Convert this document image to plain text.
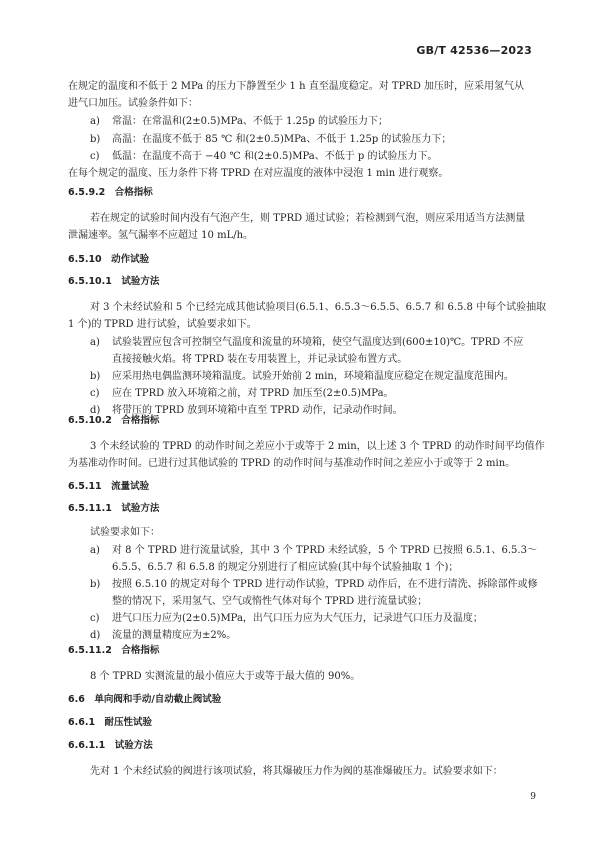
GB/T 42536—2023
在规定的温度和不低于 2 MPa 的压力下静置至少 1 h 直至温度稳定。对 TPRD 加压时，应采用氢气从
进气口加压。试验条件如下：
a) 常温：在常温和(2±0.5)MPa、不低于 1.25p 的试验压力下；
b) 高温：在温度不低于 85 ℃ 和(2±0.5)MPa、不低于 1.25p 的试验压力下；
c) 低温：在温度不高于 −40 ℃ 和(2±0.5)MPa、不低于 p 的试验压力下。
在每个规定的温度、压力条件下将 TPRD 在对应温度的液体中浸泡 1 min 进行观察。
6.5.9.2　合格指标
若在规定的试验时间内没有气泡产生，则 TPRD 通过试验；若检测到气泡，则应采用适当方法测量
泄漏速率。氢气漏率不应超过 10 mL/h。
6.5.10　动作试验
6.5.10.1　试验方法
对 3 个未经试验和 5 个已经完成其他试验项目(6.5.1、6.5.3～6.5.5、6.5.7 和 6.5.8 中每个试验抽取
1 个)的 TPRD 进行试验，试验要求如下。
a) 试验装置应包含可控制空气温度和流量的环境箱，使空气温度达到(600±10)℃。TPRD 不应
直接接触火焰。将 TPRD 装在专用装置上，并记录试验布置方式。
b) 应采用热电偶监测环境箱温度。试验开始前 2 min，环境箱温度应稳定在规定温度范围内。
c) 应在 TPRD 放入环境箱之前，对 TPRD 加压至(2±0.5)MPa。
d) 将带压的 TPRD 放到环境箱中直至 TPRD 动作，记录动作时间。
6.5.10.2　合格指标
3 个未经试验的 TPRD 的动作时间之差应小于或等于 2 min，以上述 3 个 TPRD 的动作时间平均值作
为基准动作时间。已进行过其他试验的 TPRD 的动作时间与基准动作时间之差应小于或等于 2 min。
6.5.11　流量试验
6.5.11.1　试验方法
试验要求如下：
a) 对 8 个 TPRD 进行流量试验，其中 3 个 TPRD 未经试验，5 个 TPRD 已按照 6.5.1、6.5.3～
6.5.5、6.5.7 和 6.5.8 的规定分别进行了相应试验(其中每个试验抽取 1 个)；
b) 按照 6.5.10 的规定对每个 TPRD 进行动作试验，TPRD 动作后，在不进行清洗、拆除部件或修
整的情况下，采用氢气、空气或惰性气体对每个 TPRD 进行流量试验；
c) 进气口压力应为(2±0.5)MPa，出气口压力应为大气压力，记录进气口压力及温度；
d) 流量的测量精度应为±2%。
6.5.11.2　合格指标
8 个 TPRD 实测流量的最小值应大于或等于最大值的 90%。
6.6　单向阀和手动/自动截止阀试验
6.6.1　耐压性试验
6.6.1.1　试验方法
先对 1 个未经试验的阀进行该项试验，将其爆破压力作为阀的基准爆破压力。试验要求如下：
9
